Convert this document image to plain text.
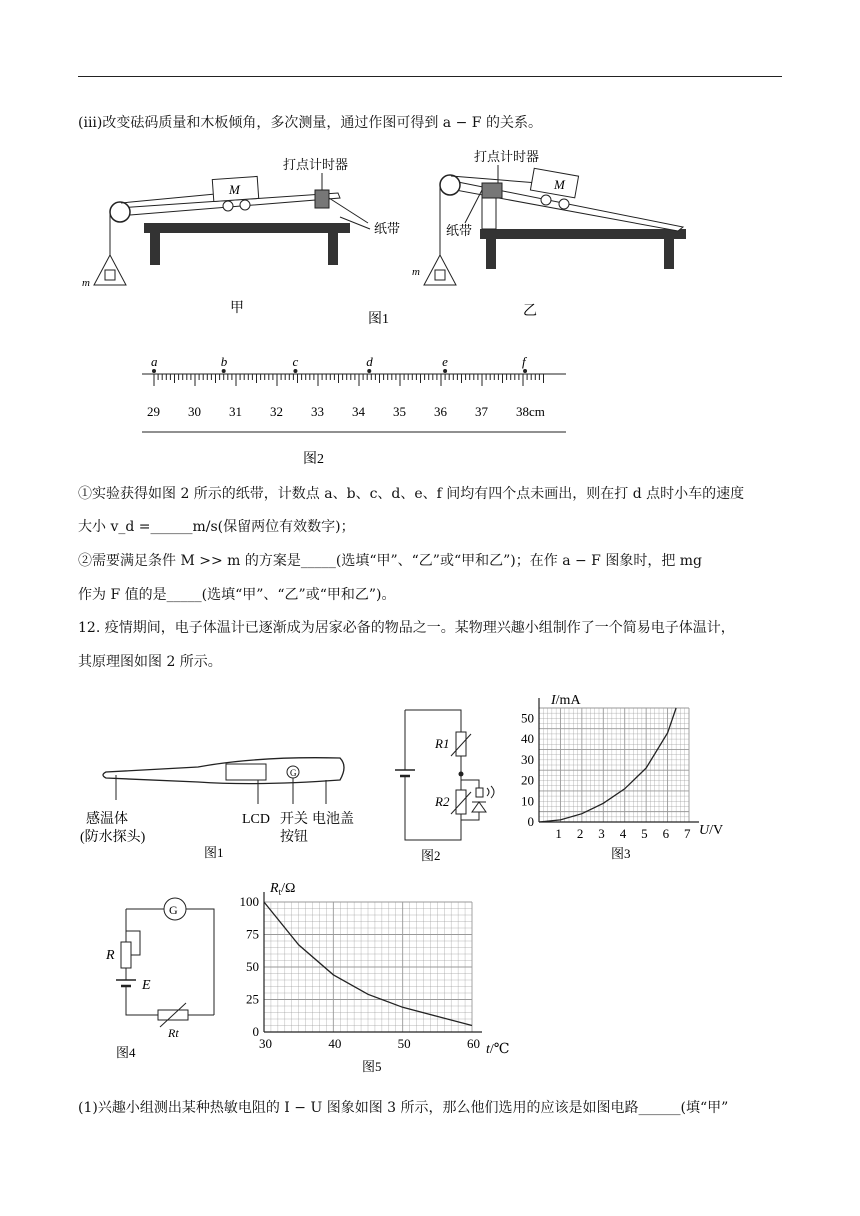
(iii)改变砝码质量和木板倾角，多次测量，通过作图可得到 a − F 的关系。
M
m
打点计时器
纸带
甲
M
m
打点计时器
纸带
乙
图1
29 30 31 32 33 34 35 36 37 38cm
a	b	c	d	e	f
图2
①实验获得如图 2 所示的纸带，计数点 a、b、c、d、e、f 间均有四个点未画出，则在打 d 点时小车的速度
大小 v_d =______m/s(保留两位有效数字)；
②需要满足条件 M >> m 的方案是_____(选填“甲”、“乙”或“甲和乙”)；在作 a − F 图象时，把 mg
作为 F 值的是_____(选填“甲”、“乙”或“甲和乙”)。
12. 疫情期间，电子体温计已逐渐成为居家必备的物品之一。某物理兴趣小组制作了一个简易电子体温计，
其原理图如图 2 所示。
G
感温体
(防水探头)
LCD 开关 电池盖
按钮
图1
R1
R2
图2
1 2 3 4 5 6 7
50
40
30
20
10
0
I/mA
U/V
图3
G
R
E
Rt
图4
30	40	50	60
100
75
50
25
0
$R_t/\Omega$
t/℃
图5
(1)兴趣小组测出某种热敏电阻的 I − U 图象如图 3 所示，那么他们选用的应该是如图电路______(填“甲”
